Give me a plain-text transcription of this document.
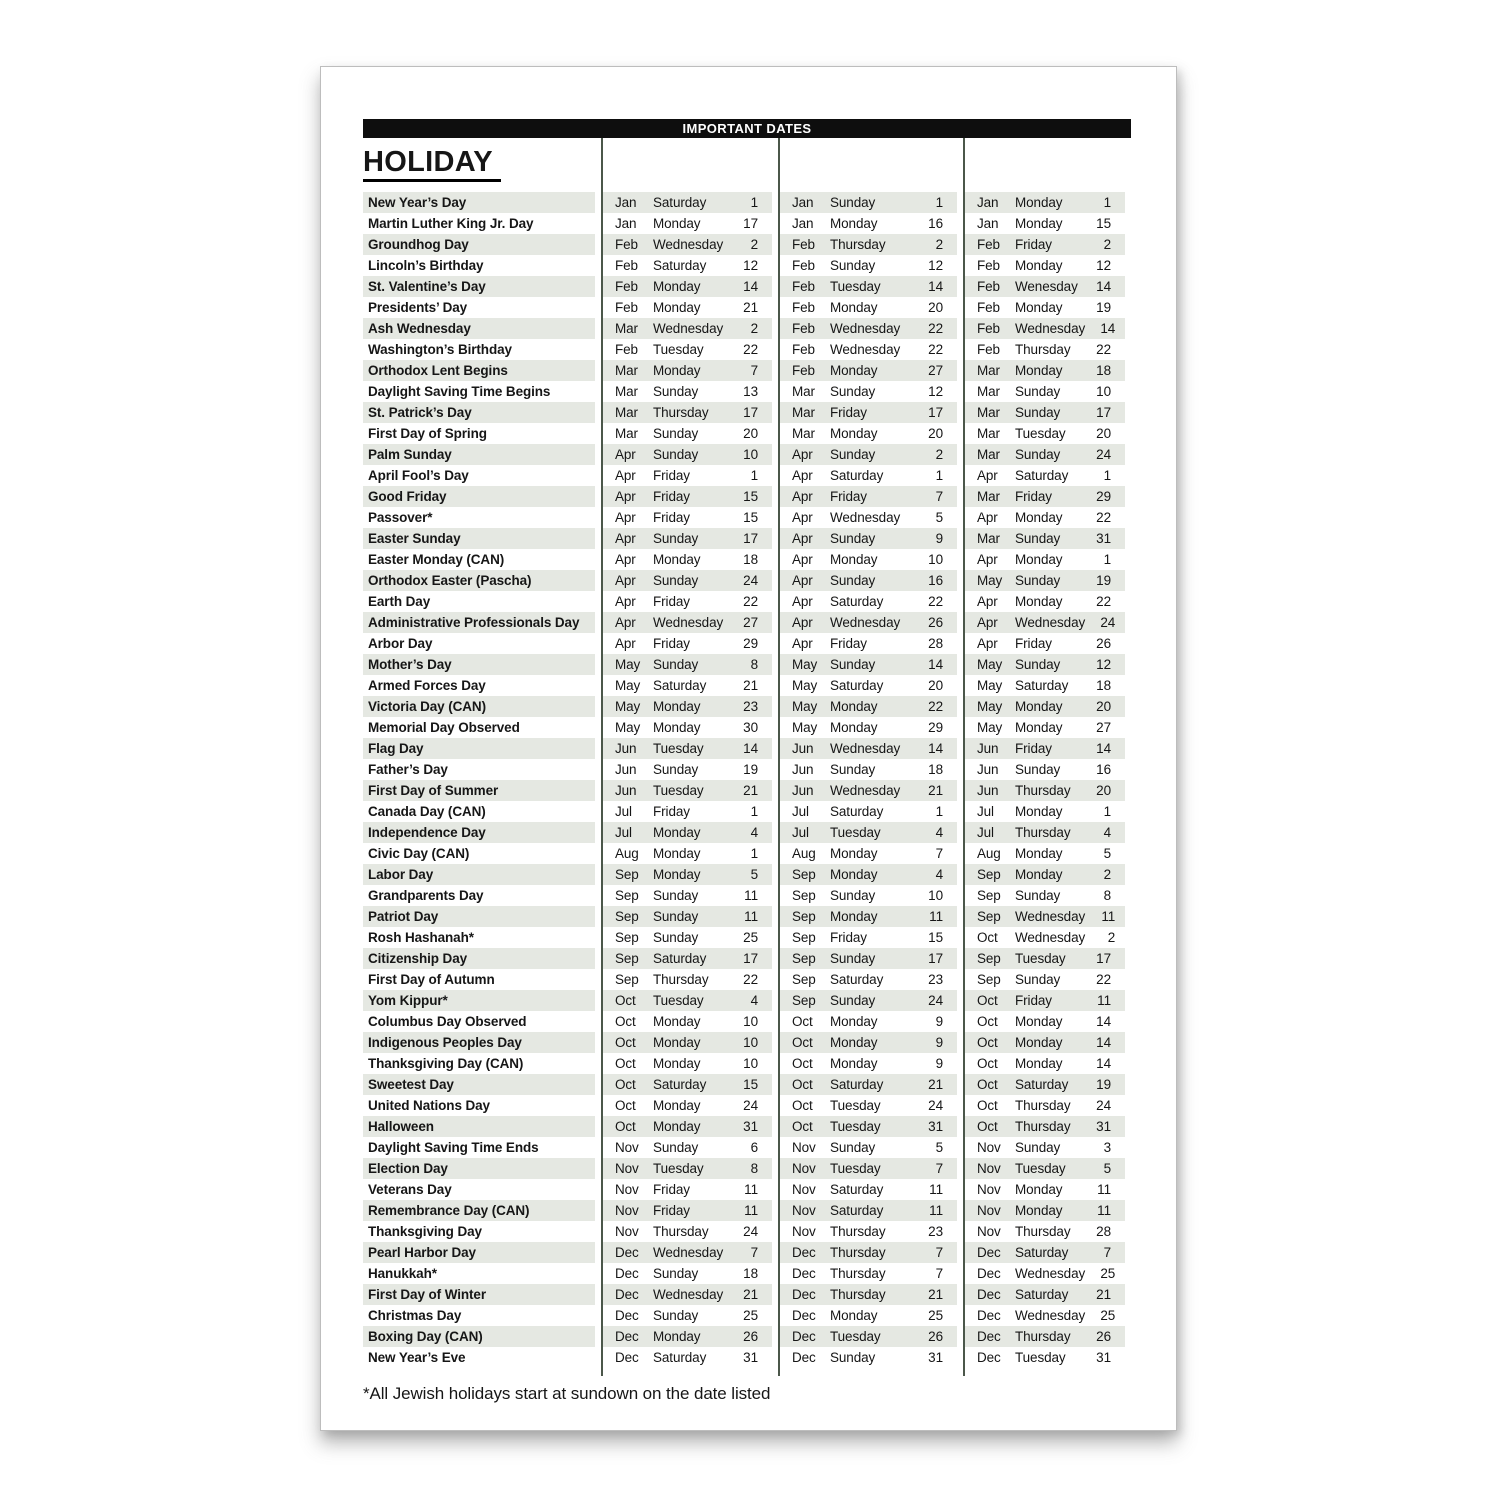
IMPORTANT DATES
HOLIDAY
New Year’s Day	Jan	Saturday	1	Jan	Sunday	1	Jan	Monday	1
Martin Luther King Jr. Day	Jan	Monday	17	Jan	Monday	16	Jan	Monday	15
Groundhog Day	Feb	Wednesday	2	Feb	Thursday	2	Feb	Friday	2
Lincoln’s Birthday	Feb	Saturday	12	Feb	Sunday	12	Feb	Monday	12
St. Valentine’s Day	Feb	Monday	14	Feb	Tuesday	14	Feb	Wenesday	14
Presidents’ Day	Feb	Monday	21	Feb	Monday	20	Feb	Monday	19
Ash Wednesday	Mar	Wednesday	2	Feb	Wednesday	22	Feb	Wednesday	14
Washington’s Birthday	Feb	Tuesday	22	Feb	Wednesday	22	Feb	Thursday	22
Orthodox Lent Begins	Mar	Monday	7	Feb	Monday	27	Mar	Monday	18
Daylight Saving Time Begins	Mar	Sunday	13	Mar	Sunday	12	Mar	Sunday	10
St. Patrick’s Day	Mar	Thursday	17	Mar	Friday	17	Mar	Sunday	17
First Day of Spring	Mar	Sunday	20	Mar	Monday	20	Mar	Tuesday	20
Palm Sunday	Apr	Sunday	10	Apr	Sunday	2	Mar	Sunday	24
April Fool’s Day	Apr	Friday	1	Apr	Saturday	1	Apr	Saturday	1
Good Friday	Apr	Friday	15	Apr	Friday	7	Mar	Friday	29
Passover*	Apr	Friday	15	Apr	Wednesday	5	Apr	Monday	22
Easter Sunday	Apr	Sunday	17	Apr	Sunday	9	Mar	Sunday	31
Easter Monday (CAN)	Apr	Monday	18	Apr	Monday	10	Apr	Monday	1
Orthodox Easter (Pascha)	Apr	Sunday	24	Apr	Sunday	16	May Sunday	19
Earth Day	Apr	Friday	22	Apr	Saturday	22	Apr	Monday	22
Administrative Professionals Day	Apr	Wednesday	27	Apr	Wednesday	26	Apr	Wednesday	24
Arbor Day	Apr	Friday	29	Apr	Friday	28	Apr	Friday	26
Mother’s Day	May Sunday	8	May Sunday	14	May Sunday	12
Armed Forces Day	May Saturday	21	May Saturday	20	May Saturday	18
Victoria Day (CAN)	May Monday	23	May Monday	22	May Monday	20
Memorial Day Observed	May Monday	30	May Monday	29	May Monday	27
Flag Day	Jun	Tuesday	14	Jun	Wednesday	14	Jun	Friday	14
Father’s Day	Jun	Sunday	19	Jun	Sunday	18	Jun	Sunday	16
First Day of Summer	Jun	Tuesday	21	Jun	Wednesday	21	Jun	Thursday	20
Canada Day (CAN)	Jul	Friday	1	Jul	Saturday	1	Jul	Monday	1
Independence Day	Jul	Monday	4	Jul	Tuesday	4	Jul	Thursday	4
Civic Day (CAN)	Aug	Monday	1	Aug	Monday	7	Aug	Monday	5
Labor Day	Sep	Monday	5	Sep	Monday	4	Sep	Monday	2
Grandparents Day	Sep	Sunday	11	Sep	Sunday	10	Sep	Sunday	8
Patriot Day	Sep	Sunday	11	Sep	Monday	11	Sep	Wednesday	11
Rosh Hashanah*	Sep	Sunday	25	Sep	Friday	15	Oct	Wednesday	2
Citizenship Day	Sep	Saturday	17	Sep	Sunday	17	Sep	Tuesday	17
First Day of Autumn	Sep	Thursday	22	Sep	Saturday	23	Sep	Sunday	22
Yom Kippur*	Oct	Tuesday	4	Sep	Sunday	24	Oct	Friday	11
Columbus Day Observed	Oct	Monday	10	Oct	Monday	9	Oct	Monday	14
Indigenous Peoples Day	Oct	Monday	10	Oct	Monday	9	Oct	Monday	14
Thanksgiving Day (CAN)	Oct	Monday	10	Oct	Monday	9	Oct	Monday	14
Sweetest Day	Oct	Saturday	15	Oct	Saturday	21	Oct	Saturday	19
United Nations Day	Oct	Monday	24	Oct	Tuesday	24	Oct	Thursday	24
Halloween	Oct	Monday	31	Oct	Tuesday	31	Oct	Thursday	31
Daylight Saving Time Ends	Nov	Sunday	6	Nov	Sunday	5	Nov	Sunday	3
Election Day	Nov	Tuesday	8	Nov	Tuesday	7	Nov	Tuesday	5
Veterans Day	Nov	Friday	11	Nov	Saturday	11	Nov	Monday	11
Remembrance Day (CAN)	Nov	Friday	11	Nov	Saturday	11	Nov	Monday	11
Thanksgiving Day	Nov	Thursday	24	Nov	Thursday	23	Nov	Thursday	28
Pearl Harbor Day	Dec	Wednesday	7	Dec	Thursday	7	Dec	Saturday	7
Hanukkah*	Dec	Sunday	18	Dec	Thursday	7	Dec	Wednesday	25
First Day of Winter	Dec	Wednesday	21	Dec	Thursday	21	Dec	Saturday	21
Christmas Day	Dec	Sunday	25	Dec	Monday	25	Dec	Wednesday	25
Boxing Day (CAN)	Dec	Monday	26	Dec	Tuesday	26	Dec	Thursday	26
New Year’s Eve	Dec	Saturday	31	Dec	Sunday	31	Dec	Tuesday	31
*All Jewish holidays start at sundown on the date listed
